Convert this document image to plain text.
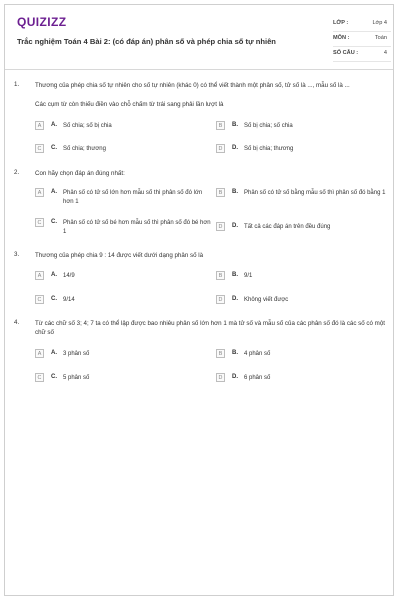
QUIZIZZ
Trắc nghiệm Toán 4 Bài 2: (có đáp án) phân số và phép chia số tự nhiên
LỚP :	Lớp 4
MÔN :	Toán
SỐ CÂU :	4
1.	Thương của phép chia số tự nhiên cho số tự nhiên (khác 0) có thể viết thành một phân số, tử số là ..., mẫu số là ...
Các cụm từ còn thiếu điền vào chỗ chấm từ trái sang phải lần lượt là
A	A. Số chia; số bị chia	B	B. Số bị chia; số chia
C	C. Số chia; thương	D	D. Số bị chia; thương
2.	Con hãy chọn đáp án đúng nhất:
A	A. Phân số có tử số lớn hơn mẫu số thì phân số đó lớn hơn 1
B	B. Phân số có tử số bằng mẫu số thì phân số đó bằng 1
C	C. Phân số có tử số bé hơn mẫu số thì phân số đó bé hơn 1
D	D. Tất cả các đáp án trên đều đúng
3.	Thương của phép chia 9 : 14 được viết dưới dạng phân số là
A	A. 14/9	B	B. 9/1
C	C. 9/14	D	D. Không viết được
4.	Từ các chữ số 3; 4; 7 ta có thể lập được bao nhiêu phân số lớn hơn 1 mà tử số và mẫu số của các phân số đó là các số có một chữ số
A	A. 3 phân số	B	B. 4 phân số
C	C. 5 phân số	D	D. 6 phân số
